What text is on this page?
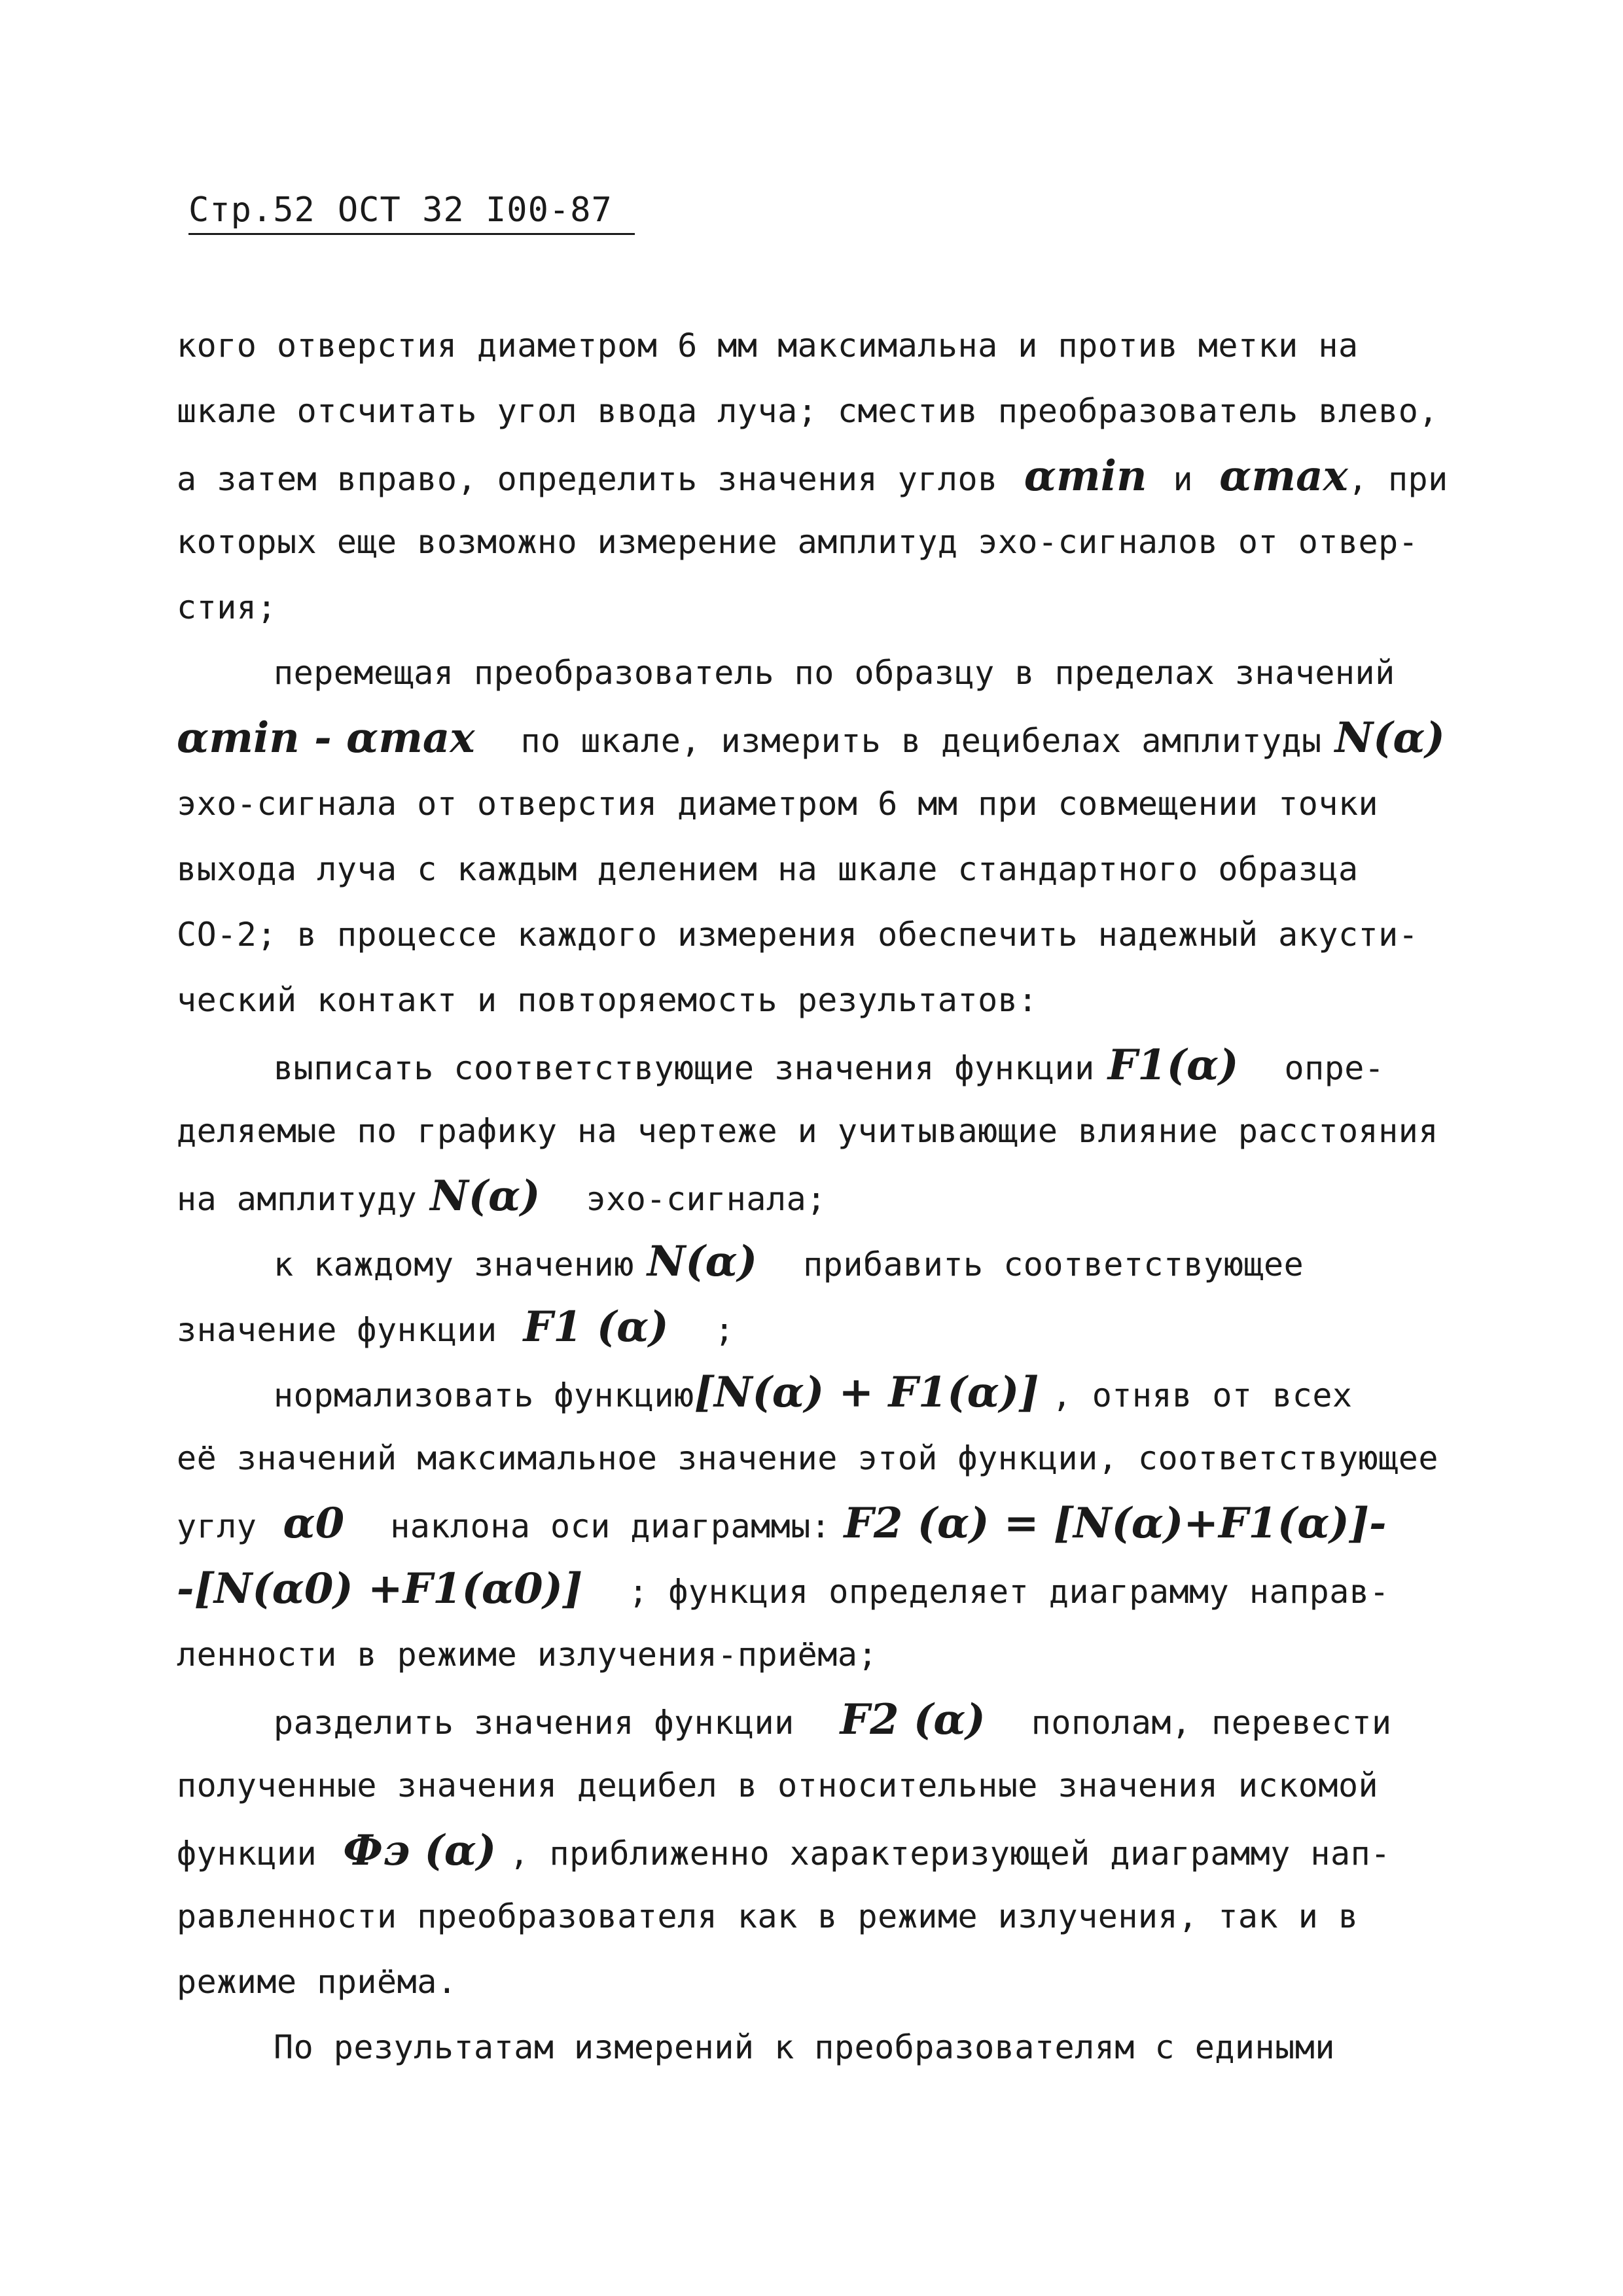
Стр.52 ОСТ 32 I00-87
кого отверстия диаметром 6 мм максимальна и против метки на
шкале отсчитать угол ввода луча; сместив преобразователь влево,
а затем вправо, определить значения углов αmin и αmax, при
которых еще возможно измерение амплитуд эхо-сигналов от отвер-
стия;
перемещая преобразователь по образцу в пределах значений
αmin - αmax по шкале, измерить в децибелах амплитуды N(α)
эхо-сигнала от отверстия диаметром 6 мм при совмещении точки
выхода луча с каждым делением на шкале стандартного образца
СО-2; в процессе каждого измерения обеспечить надежный акусти-
ческий контакт и повторяемость результатов:
выписать соответствующие значения функции F1(α) опре-
деляемые по графику на чертеже и учитывающие влияние расстояния
на амплитуду N(α) эхо-сигнала;
к каждому значению N(α) прибавить соответствующее
значение функции F1 (α) ;
нормализовать функцию[N(α) + F1(α)] , отняв от всех
её значений максимальное значение этой функции, соответствующее
углу α0 наклона оси диаграммы: F2 (α) = [N(α)+F1(α)]-
-[N(α0) +F1(α0)] ; функция определяет диаграмму направ-
ленности в режиме излучения-приёма;
разделить значения функции F2 (α) пополам, перевести
полученные значения децибел в относительные значения искомой
функции Фэ (α) , приближенно характеризующей диаграмму нап-
равленности преобразователя как в режиме излучения, так и в
режиме приёма.
По результатам измерений к преобразователям с едиными
